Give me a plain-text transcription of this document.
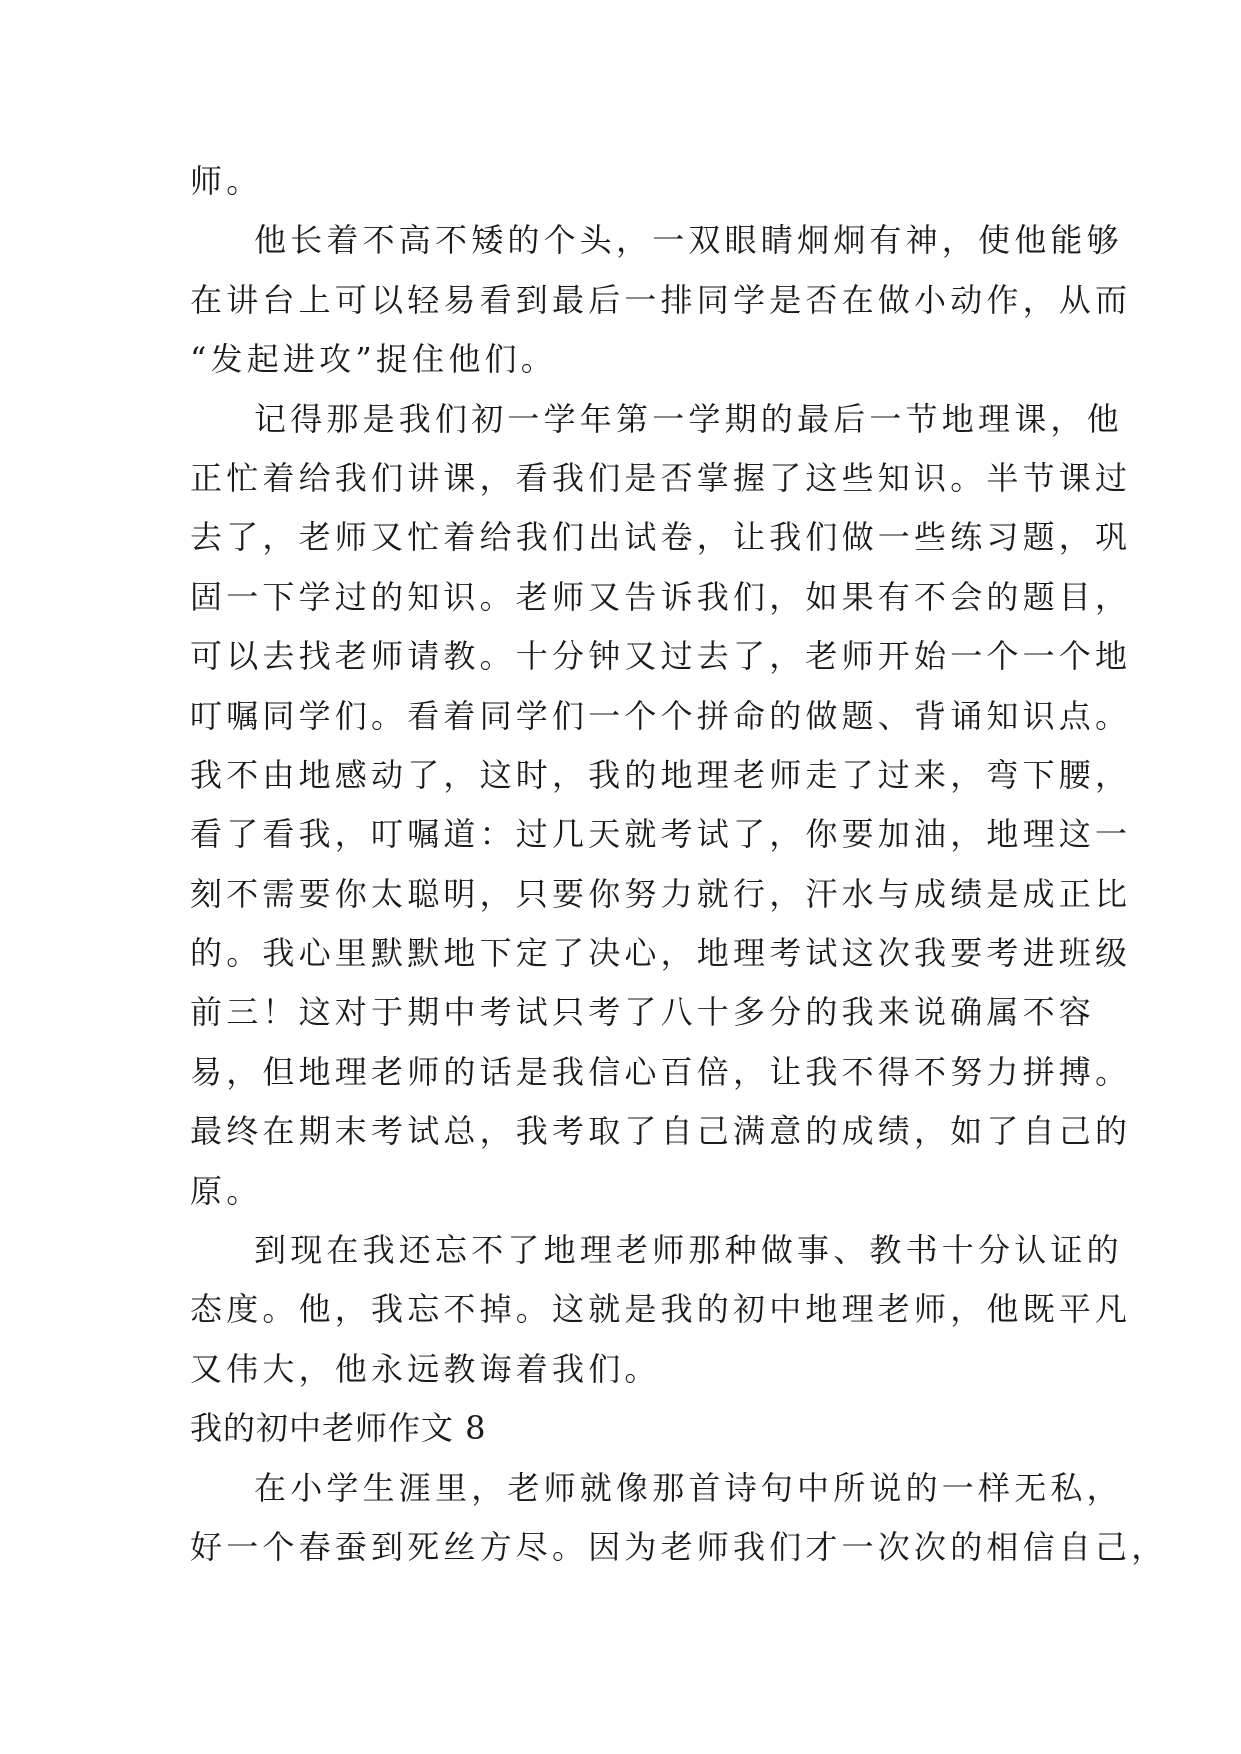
师。
他长着不高不矮的个头，一双眼睛炯炯有神，使他能够
在讲台上可以轻易看到最后一排同学是否在做小动作，从而
“发起进攻”捉住他们。
记得那是我们初一学年第一学期的最后一节地理课，他
正忙着给我们讲课，看我们是否掌握了这些知识。半节课过
去了，老师又忙着给我们出试卷，让我们做一些练习题，巩
固一下学过的知识。老师又告诉我们，如果有不会的题目，
可以去找老师请教。十分钟又过去了，老师开始一个一个地
叮嘱同学们。看着同学们一个个拼命的做题、背诵知识点。
我不由地感动了，这时，我的地理老师走了过来，弯下腰，
看了看我，叮嘱道：过几天就考试了，你要加油，地理这一
刻不需要你太聪明，只要你努力就行，汗水与成绩是成正比
的。我心里默默地下定了决心，地理考试这次我要考进班级
前三！这对于期中考试只考了八十多分的我来说确属不容
易，但地理老师的话是我信心百倍，让我不得不努力拼搏。
最终在期末考试总，我考取了自己满意的成绩，如了自己的
原。
到现在我还忘不了地理老师那种做事、教书十分认证的
态度。他，我忘不掉。这就是我的初中地理老师，他既平凡
又伟大，他永远教诲着我们。
我的初中老师作文 8
在小学生涯里，老师就像那首诗句中所说的一样无私，
好一个春蚕到死丝方尽。因为老师我们才一次次的相信自己，
